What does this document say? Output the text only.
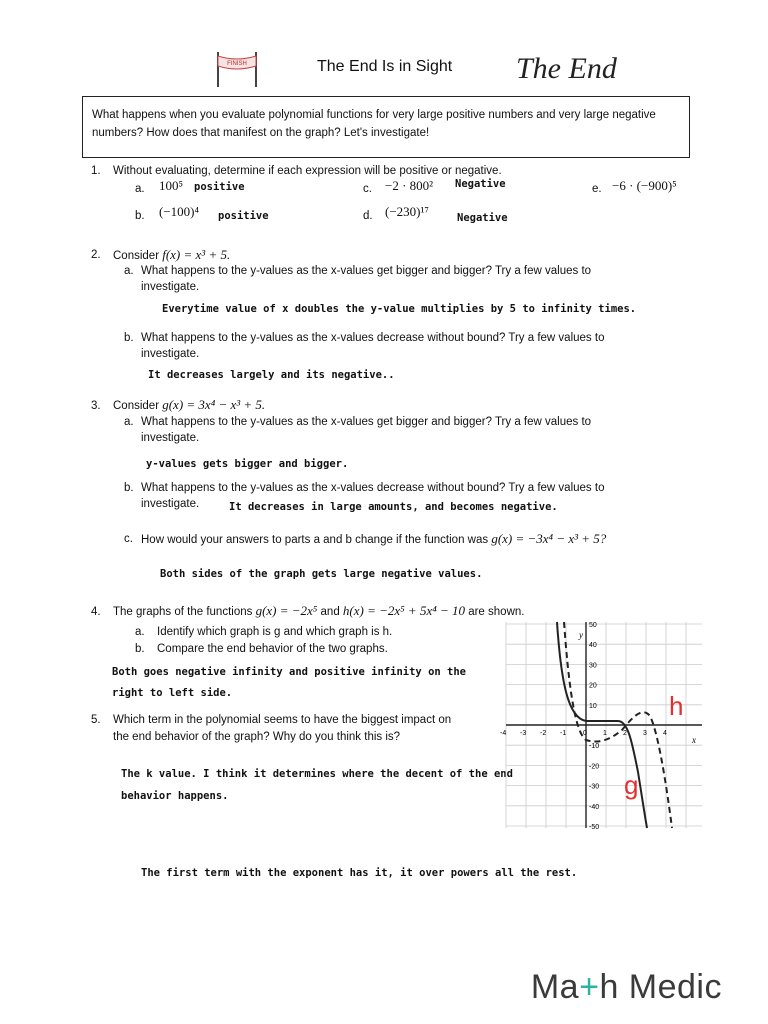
FINISH	The End Is in Sight The End
What happens when you evaluate polynomial functions for very large positive numbers and very large negative numbers? How does that manifest on the graph? Let's investigate!
1. Without evaluating, determine if each expression will be positive or negative.
a. 100⁵ positive
b. (−100)⁴ positive
c. −2 · 800² Negative
d. (−230)¹⁷	Negative
e. −6 · (−900)⁵
2. Consider f(x) = x³ + 5.
a. What happens to the y-values as the x-values get bigger and bigger? Try a few values to investigate.
Everytime value of x doubles the y-value multiplies by 5 to infinity times.
b. What happens to the y-values as the x-values decrease without bound? Try a few values to investigate.
It decreases largely and its negative..
3. Consider g(x) = 3x⁴ − x³ + 5.
a. What happens to the y-values as the x-values get bigger and bigger? Try a few values to investigate.
y-values gets bigger and bigger.
b. What happens to the y-values as the x-values decrease without bound? Try a few values to
investigate.	It decreases in large amounts, and becomes negative.
c. How would your answers to parts a and b change if the function was g(x) = −3x⁴ − x³ + 5?
Both sides of the graph gets large negative values.
4. The graphs of the functions g(x) = −2x⁵ and h(x) = −2x⁵ + 5x⁴ − 10 are shown.
a. Identify which graph is g and which graph is h.
b. Compare the end behavior of the two graphs.
Both goes negative infinity and positive infinity on the
right to left side.
5. Which term in the polynomial seems to have the biggest impact on
the end behavior of the graph? Why do you think this is?
The k value. I think it determines where the decent of the end
behavior happens.
The first term with the exponent has it, it over powers all the rest.
-4 -3 -2 -1 0 1 2 3 4
50
40
30
20
10
-10
-20
-30
-40
-50
x
y
h
g
Ma+h Medic
